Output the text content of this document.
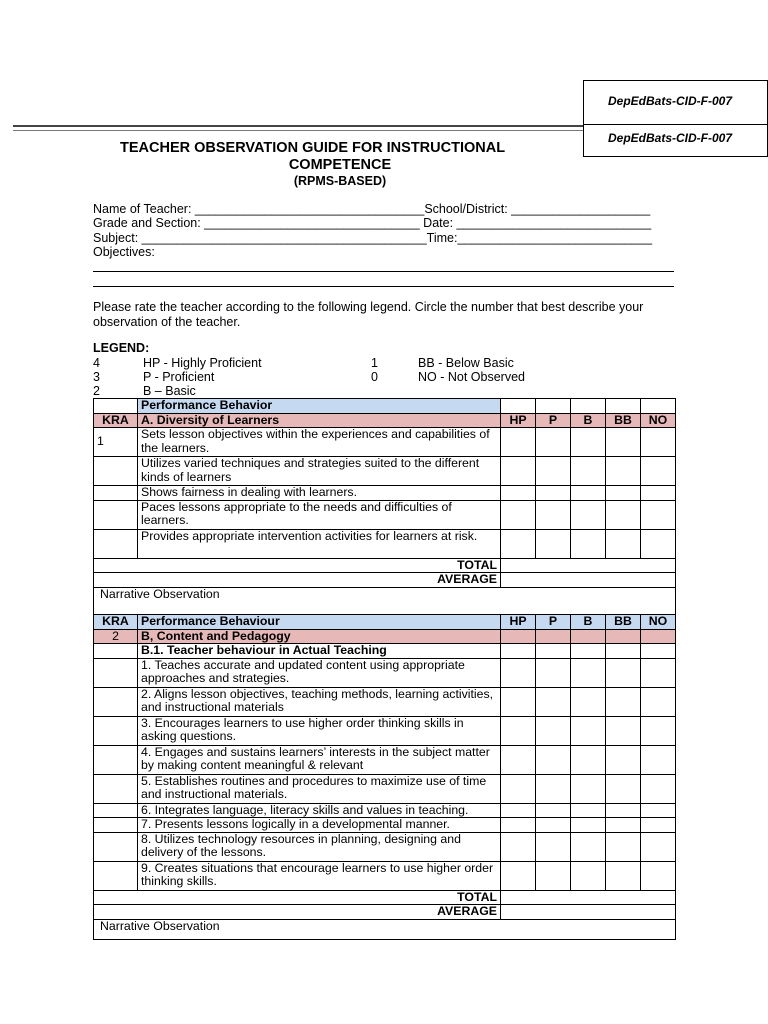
DepEdBats-CID-F-007
DepEdBats-CID-F-007
TEACHER OBSERVATION GUIDE FOR INSTRUCTIONAL
COMPETENCE
(RPMS-BASED)
Name of Teacher: _________________________________School/District: ____________________
Grade and Section: _______________________________ Date: ____________________________
Subject: _________________________________________Time:____________________________
Objectives:
Please rate the teacher according to the following legend. Circle the number that best describe your
observation of the teacher.
LEGEND:
4	HP - Highly Proficient
3	P - Proficient
2	B – Basic
1	BB - Below Basic
0	NO - Not Observed
	Performance Behavior					
KRA	A. Diversity of Learners	HP	P	B	BB	NO
1	Sets lesson objectives within the experiences and capabilities of the learners.					
	Utilizes varied techniques and strategies suited to the different kinds of learners					
	Shows fairness in dealing with learners.					
	Paces lessons appropriate to the needs and difficulties of learners.					
	Provides appropriate intervention activities for learners at risk.					
TOTAL						
AVERAGE						
Narrative Observation						
KRA	Performance Behaviour	HP	P	B	BB	NO
2	B, Content and Pedagogy					
	B.1. Teacher behaviour in Actual Teaching					
	1. Teaches accurate and updated content using appropriate approaches and strategies.					
	2. Aligns lesson objectives, teaching methods, learning activities, and instructional materials					
	3. Encourages learners to use higher order thinking skills in asking questions.					
	4. Engages and sustains learners’ interests in the subject matter by making content meaningful & relevant					
	5. Establishes routines and procedures to maximize use of time and instructional materials.					
	6. Integrates language, literacy skills and values in teaching.					
	7. Presents lessons logically in a developmental manner.					
	8. Utilizes technology resources in planning, designing and delivery of the lessons.					
	9. Creates situations that encourage learners to use higher order thinking skills.					
TOTAL						
AVERAGE						
Narrative Observation						
